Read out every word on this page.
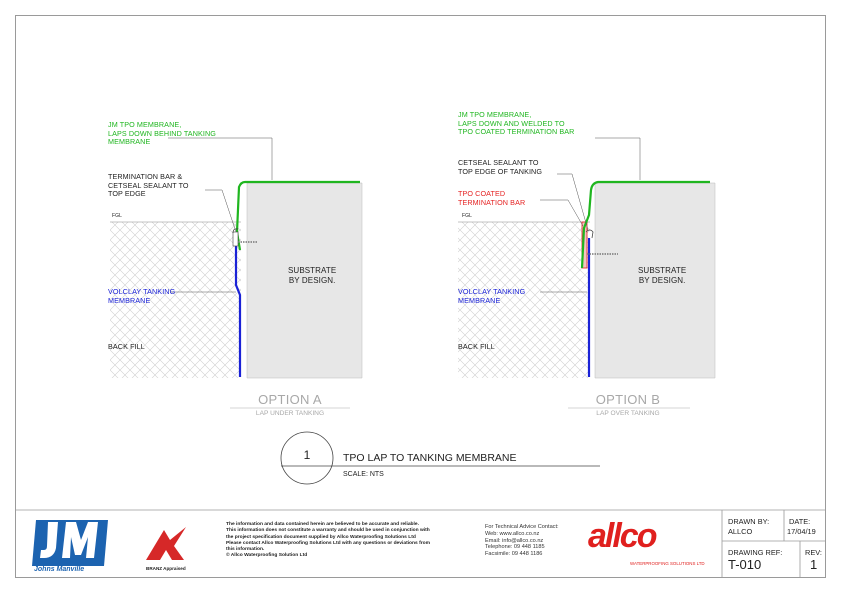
JM TPO MEMBRANE,
LAPS DOWN BEHIND TANKING
MEMBRANE
TERMINATION BAR &
CETSEAL SEALANT TO
TOP EDGE
FGL
SUBSTRATE
BY DESIGN.
VOLCLAY TANKING
MEMBRANE
BACK FILL
OPTION A
LAP UNDER TANKING
JM TPO MEMBRANE,
LAPS DOWN AND WELDED TO
TPO COATED TERMINATION BAR
CETSEAL SEALANT TO
TOP EDGE OF TANKING
TPO COATED
TERMINATION BAR
FGL
SUBSTRATE
BY DESIGN.
VOLCLAY TANKING
MEMBRANE
BACK FILL
OPTION B
LAP OVER TANKING
1	TPO LAP TO TANKING MEMBRANE
SCALE: NTS
Johns Manville	BRANZ Appraised
The information and data contained herein are believed to be accurate and reliable.
This information does not constitute a warranty and should be used in conjunction with
the project specification document supplied by Allco Waterproofing Solutions Ltd
Please contact Allco Waterproofing Solutions Ltd with any questions or deviations from
this information.
© Allco Waterproofing Solution Ltd
For Technical Advice Contact:
Web: www.allco.co.nz
Email: info@allco.co.nz
Telephone: 09 448 1185
Facsimile: 09 448 1186	allco
WATERPROOFING SOLUTIONS LTD
DRAWN BY:
ALLCO
DATE:
17/04/19
DRAWING REF:
T-010
REV:
1
